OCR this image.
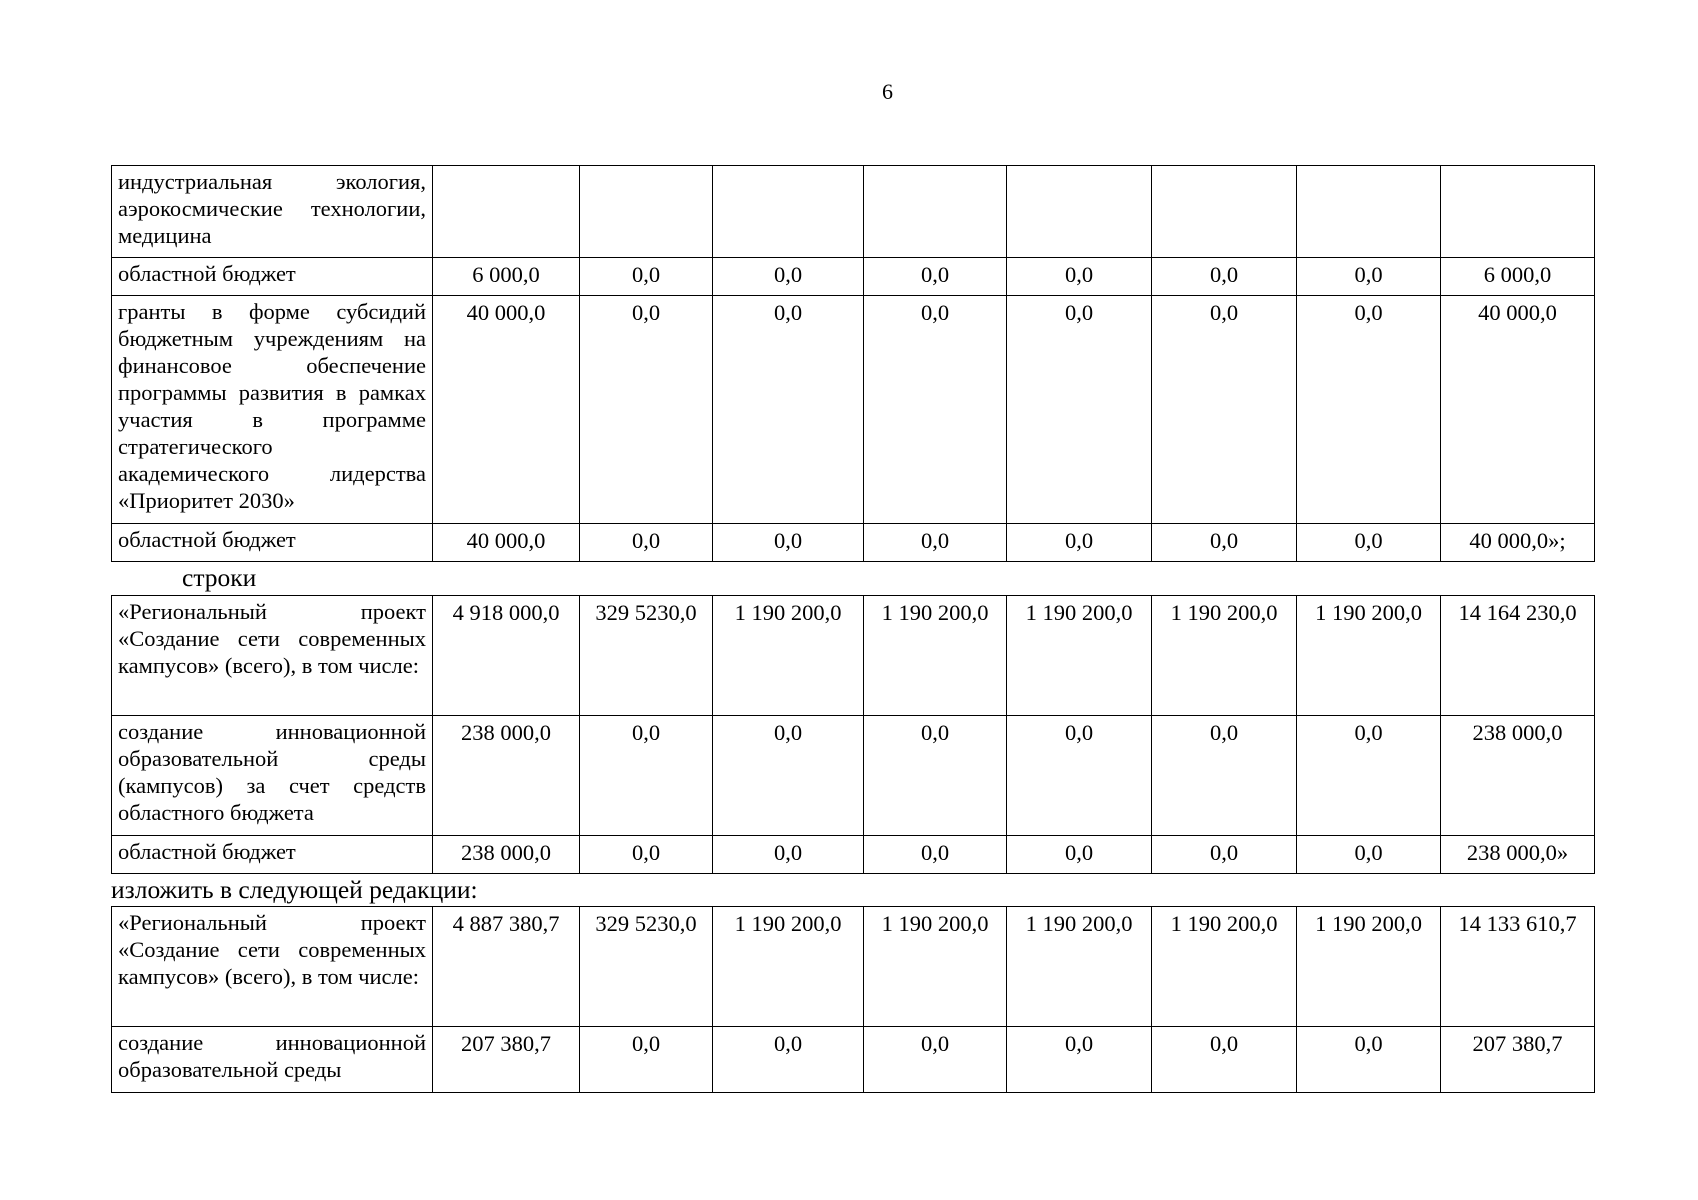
6
индустриальная экология, аэрокосмические технологии, медицина								
областной бюджет	6 000,0	0,0	0,0	0,0	0,0	0,0	0,0	6 000,0
гранты в форме субсидий бюджетным учреждениям на финансовое обеспечение программы развития в рамках участия в программе стратегического академического лидерства «Приоритет 2030»	40 000,0	0,0	0,0	0,0	0,0	0,0	0,0	40 000,0
областной бюджет	40 000,0	0,0	0,0	0,0	0,0	0,0	0,0	40 000,0»;
строки
«Региональный проект «Создание сети современных кампусов» (всего), в том числе:	4 918 000,0	329 5230,0	1 190 200,0	1 190 200,0	1 190 200,0	1 190 200,0	1 190 200,0	14 164 230,0
создание инновационной образовательной среды (кампусов) за счет средств областного бюджета	238 000,0	0,0	0,0	0,0	0,0	0,0	0,0	238 000,0
областной бюджет	238 000,0	0,0	0,0	0,0	0,0	0,0	0,0	238 000,0»
изложить в следующей редакции:
«Региональный проект «Создание сети современных кампусов» (всего), в том числе:	4 887 380,7	329 5230,0	1 190 200,0	1 190 200,0	1 190 200,0	1 190 200,0	1 190 200,0	14 133 610,7
создание инновационной образовательной среды	207 380,7	0,0	0,0	0,0	0,0	0,0	0,0	207 380,7
